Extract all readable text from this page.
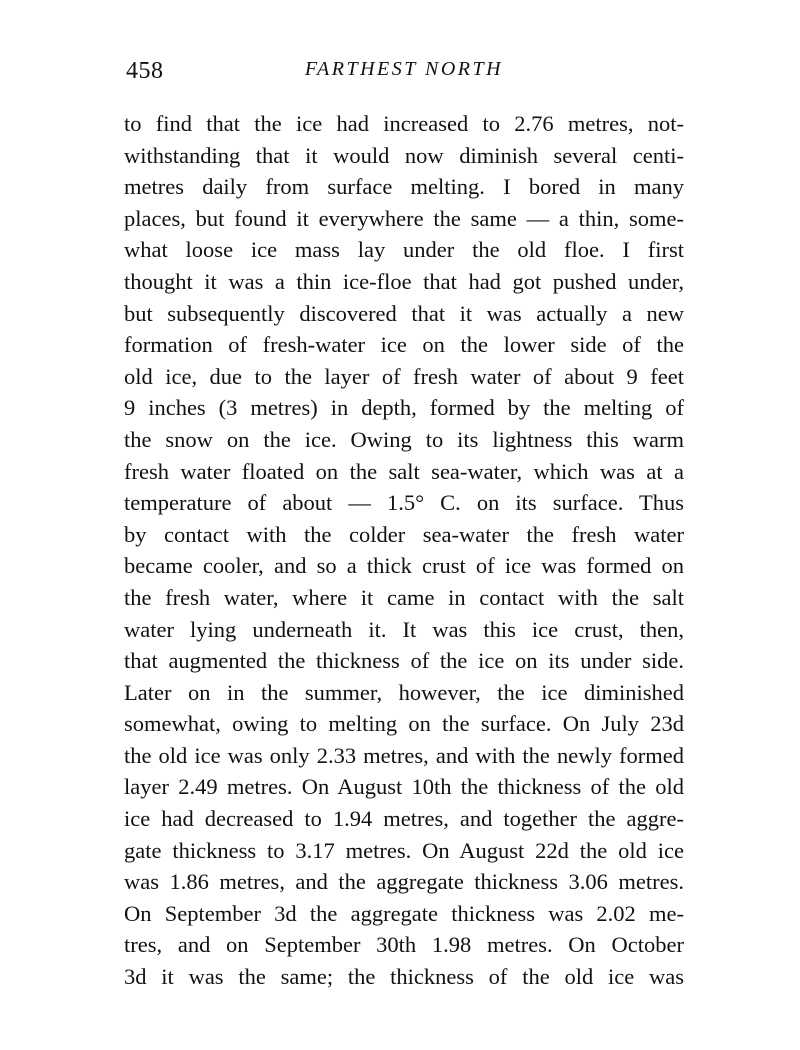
458	FARTHEST NORTH
to find that the ice had increased to 2.76 metres, not-
withstanding that it would now diminish several centi-
metres daily from surface melting. I bored in many
places, but found it everywhere the same — a thin, some-
what loose ice mass lay under the old floe. I first
thought it was a thin ice-floe that had got pushed under,
but subsequently discovered that it was actually a new
formation of fresh-water ice on the lower side of the
old ice, due to the layer of fresh water of about 9 feet
9 inches (3 metres) in depth, formed by the melting of
the snow on the ice. Owing to its lightness this warm
fresh water floated on the salt sea-water, which was at a
temperature of about — 1.5° C. on its surface. Thus
by contact with the colder sea-water the fresh water
became cooler, and so a thick crust of ice was formed on
the fresh water, where it came in contact with the salt
water lying underneath it. It was this ice crust, then,
that augmented the thickness of the ice on its under side.
Later on in the summer, however, the ice diminished
somewhat, owing to melting on the surface. On July 23d
the old ice was only 2.33 metres, and with the newly formed
layer 2.49 metres. On August 10th the thickness of the old
ice had decreased to 1.94 metres, and together the aggre-
gate thickness to 3.17 metres. On August 22d the old ice
was 1.86 metres, and the aggregate thickness 3.06 metres.
On September 3d the aggregate thickness was 2.02 me-
tres, and on September 30th 1.98 metres. On October
3d it was the same; the thickness of the old ice was
